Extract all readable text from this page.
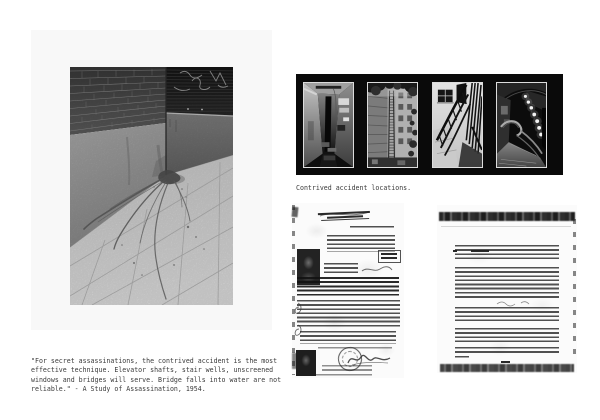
"For secret assassinations, the contrived accident is the most effective technique. Elevator shafts, stair wells, unscreened windows and bridges will serve. Bridge falls into water are not reliable." - A Study of Assassination, 1954.

Contrived accident locations.
